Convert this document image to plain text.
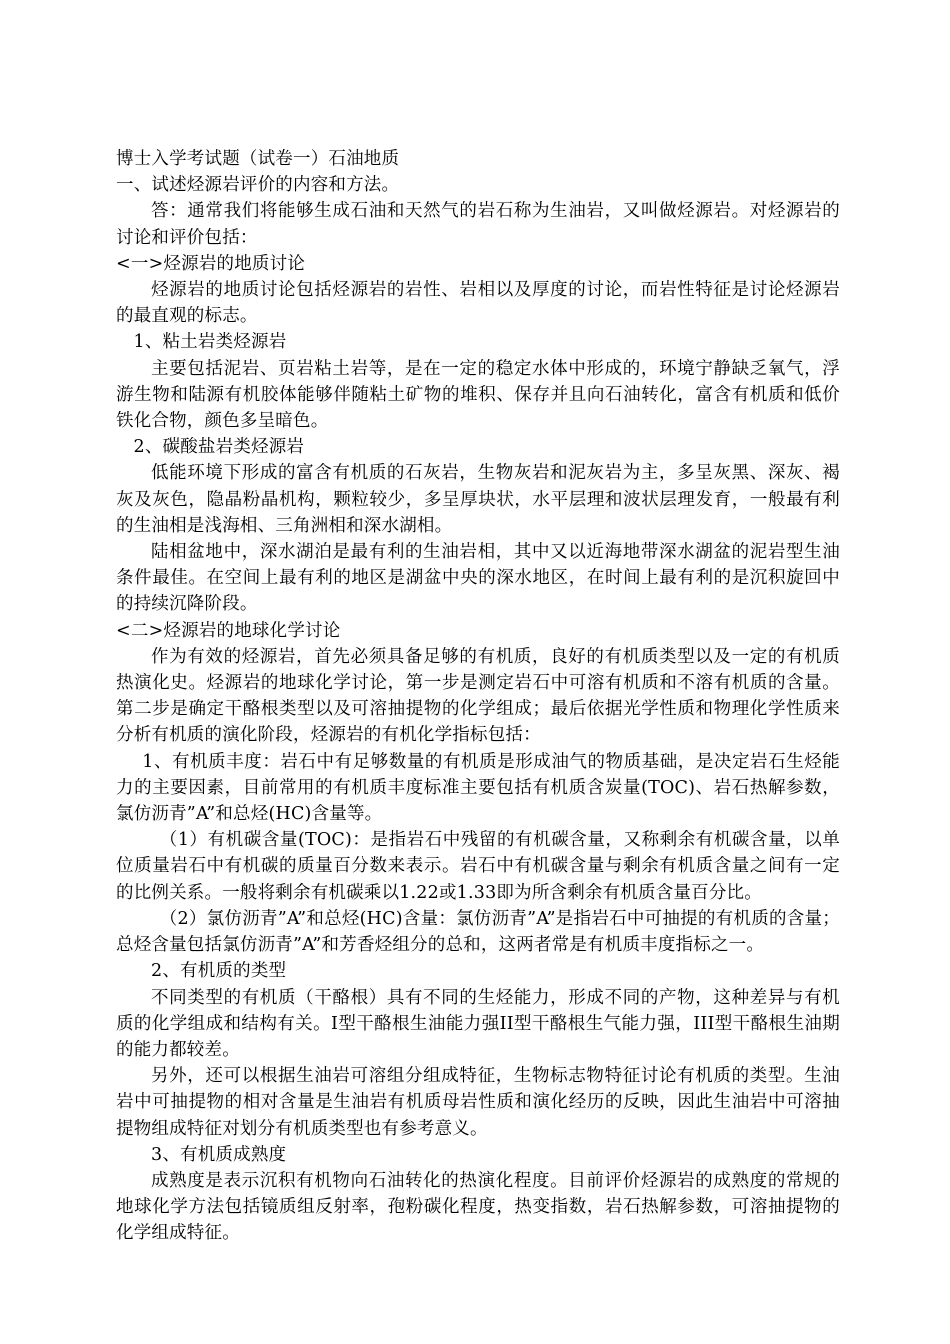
博士入学考试题（试卷一）石油地质

一、试述烃源岩评价的内容和方法。

答：通常我们将能够生成石油和天然气的岩石称为生油岩，又叫做烃源岩。对烃源岩的讨论和评价包括：

<一>烃源岩的地质讨论

烃源岩的地质讨论包括烃源岩的岩性、岩相以及厚度的讨论，而岩性特征是讨论烃源岩的最直观的标志。

1、粘土岩类烃源岩

主要包括泥岩、页岩粘土岩等，是在一定的稳定水体中形成的，环境宁静缺乏氧气，浮游生物和陆源有机胶体能够伴随粘土矿物的堆积、保存并且向石油转化，富含有机质和低价铁化合物，颜色多呈暗色。

2、碳酸盐岩类烃源岩

低能环境下形成的富含有机质的石灰岩，生物灰岩和泥灰岩为主，多呈灰黑、深灰、褐灰及灰色，隐晶粉晶机构，颗粒较少，多呈厚块状，水平层理和波状层理发育，一般最有利的生油相是浅海相、三角洲相和深水湖相。

陆相盆地中，深水湖泊是最有利的生油岩相，其中又以近海地带深水湖盆的泥岩型生油条件最佳。在空间上最有利的地区是湖盆中央的深水地区，在时间上最有利的是沉积旋回中的持续沉降阶段。

<二>烃源岩的地球化学讨论

作为有效的烃源岩，首先必须具备足够的有机质，良好的有机质类型以及一定的有机质热演化史。烃源岩的地球化学讨论，第一步是测定岩石中可溶有机质和不溶有机质的含量。第二步是确定干酪根类型以及可溶抽提物的化学组成；最后依据光学性质和物理化学性质来分析有机质的演化阶段，烃源岩的有机化学指标包括：

1、有机质丰度：岩石中有足够数量的有机质是形成油气的物质基础，是决定岩石生烃能力的主要因素，目前常用的有机质丰度标准主要包括有机质含炭量(TOC)、岩石热解参数，氯仿沥青”A”和总烃(HC)含量等。

（1）有机碳含量(TOC)：是指岩石中残留的有机碳含量，又称剩余有机碳含量，以单位质量岩石中有机碳的质量百分数来表示。岩石中有机碳含量与剩余有机质含量之间有一定的比例关系。一般将剩余有机碳乘以1.22或1.33即为所含剩余有机质含量百分比。

（2）氯仿沥青”A”和总烃(HC)含量：氯仿沥青”A”是指岩石中可抽提的有机质的含量；总烃含量包括氯仿沥青”A”和芳香烃组分的总和，这两者常是有机质丰度指标之一。

2、有机质的类型

不同类型的有机质（干酪根）具有不同的生烃能力，形成不同的产物，这种差异与有机质的化学组成和结构有关。I型干酪根生油能力强II型干酪根生气能力强，III型干酪根生油期的能力都较差。

另外，还可以根据生油岩可溶组分组成特征，生物标志物特征讨论有机质的类型。生油岩中可抽提物的相对含量是生油岩有机质母岩性质和演化经历的反映，因此生油岩中可溶抽提物组成特征对划分有机质类型也有参考意义。

3、有机质成熟度

成熟度是表示沉积有机物向石油转化的热演化程度。目前评价烃源岩的成熟度的常规的地球化学方法包括镜质组反射率，孢粉碳化程度，热变指数，岩石热解参数，可溶抽提物的化学组成特征。
